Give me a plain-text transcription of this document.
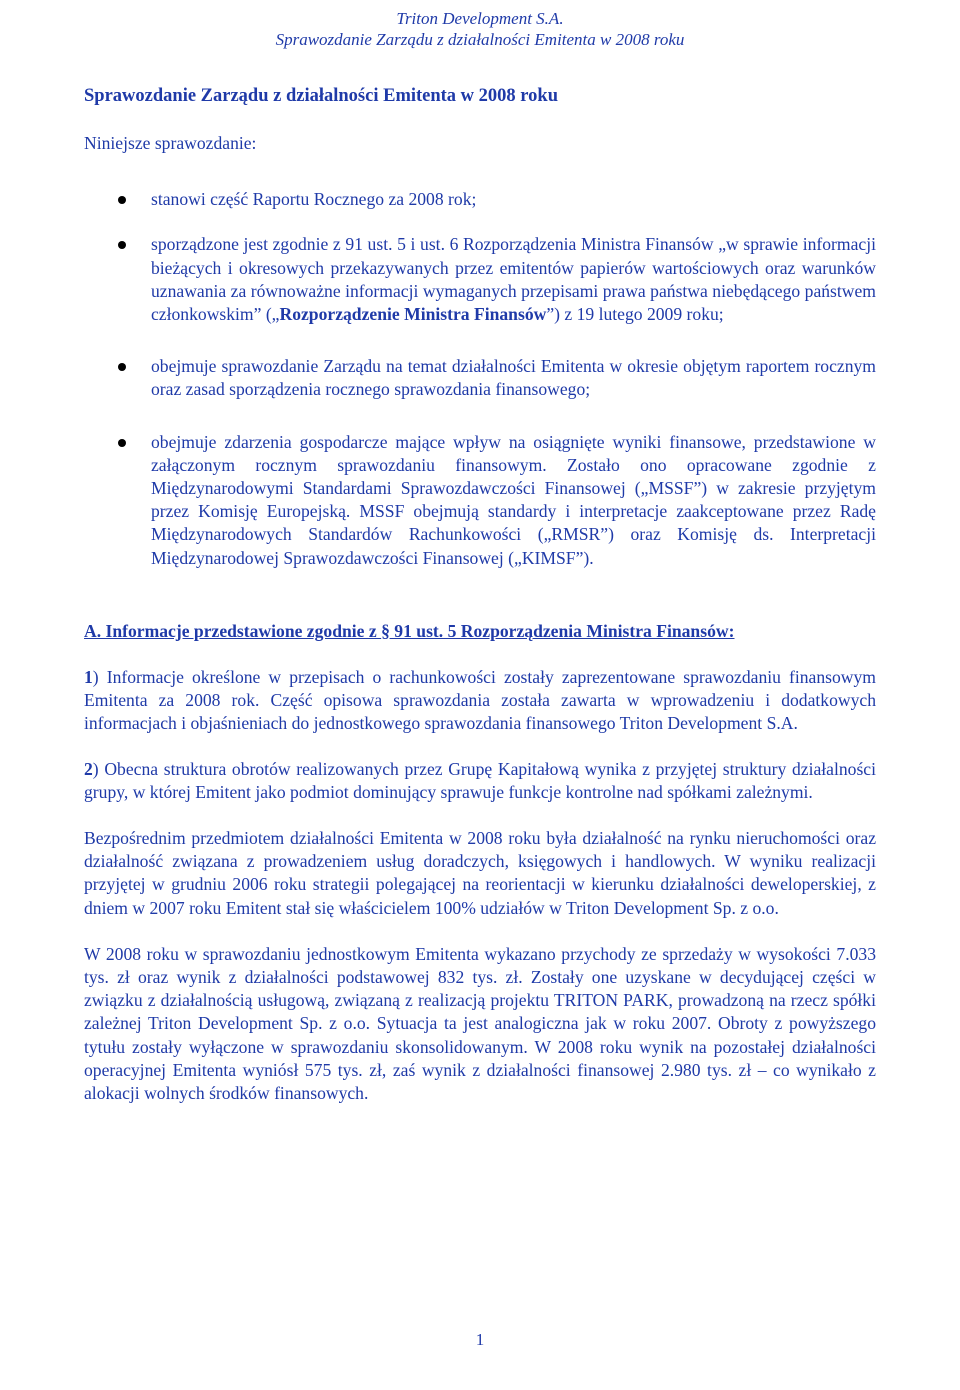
Triton Development S.A.
Sprawozdanie Zarządu z działalności Emitenta w 2008 roku
Sprawozdanie Zarządu z działalności Emitenta w 2008 roku

Niniejsze sprawozdanie:

stanowi część Raportu Rocznego za 2008 rok;
sporządzone jest zgodnie z 91 ust. 5 i ust. 6 Rozporządzenia Ministra Finansów „w sprawie informacji bieżących i okresowych przekazywanych przez emitentów papierów wartościowych oraz warunków uznawania za równoważne informacji wymaganych przepisami prawa państwa niebędącego państwem członkowskim” („Rozporządzenie Ministra Finansów”) z 19 lutego 2009 roku;
obejmuje sprawozdanie Zarządu na temat działalności Emitenta w okresie objętym raportem rocznym oraz zasad sporządzenia rocznego sprawozdania finansowego;
obejmuje zdarzenia gospodarcze mające wpływ na osiągnięte wyniki finansowe, przedstawione w załączonym rocznym sprawozdaniu finansowym. Zostało ono opracowane zgodnie z Międzynarodowymi Standardami Sprawozdawczości Finansowej („MSSF”) w zakresie przyjętym przez Komisję Europejską. MSSF obejmują standardy i interpretacje zaakceptowane przez Radę Międzynarodowych Standardów Rachunkowości („RMSR”) oraz Komisję ds. Interpretacji Międzynarodowej Sprawozdawczości Finansowej („KIMSF”).

A. Informacje przedstawione zgodnie z § 91 ust. 5 Rozporządzenia Ministra Finansów:

1) Informacje określone w przepisach o rachunkowości zostały zaprezentowane sprawozdaniu finansowym Emitenta za 2008 rok. Część opisowa sprawozdania została zawarta w wprowadzeniu i dodatkowych informacjach i objaśnieniach do jednostkowego sprawozdania finansowego Triton Development S.A.

2) Obecna struktura obrotów realizowanych przez Grupę Kapitałową wynika z przyjętej struktury działalności grupy, w której Emitent jako podmiot dominujący sprawuje funkcje kontrolne nad spółkami zależnymi.

Bezpośrednim przedmiotem działalności Emitenta w 2008 roku była działalność na rynku nieruchomości oraz działalność związana z prowadzeniem usług doradczych, księgowych i handlowych. W wyniku realizacji przyjętej w grudniu 2006 roku strategii polegającej na reorientacji w kierunku działalności deweloperskiej, z dniem w 2007 roku Emitent stał się właścicielem 100% udziałów w Triton Development Sp. z o.o.

W 2008 roku w sprawozdaniu jednostkowym Emitenta wykazano przychody ze sprzedaży w wysokości 7.033 tys. zł oraz wynik z działalności podstawowej 832 tys. zł. Zostały one uzyskane w decydującej części w związku z działalnością usługową, związaną z realizacją projektu TRITON PARK, prowadzoną na rzecz spółki zależnej Triton Development Sp. z o.o. Sytuacja ta jest analogiczna jak w roku 2007. Obroty z powyższego tytułu zostały wyłączone w sprawozdaniu skonsolidowanym. W 2008 roku wynik na pozostałej działalności operacyjnej Emitenta wyniósł 575 tys. zł, zaś wynik z działalności finansowej 2.980 tys. zł – co wynikało z alokacji wolnych środków finansowych.

1
